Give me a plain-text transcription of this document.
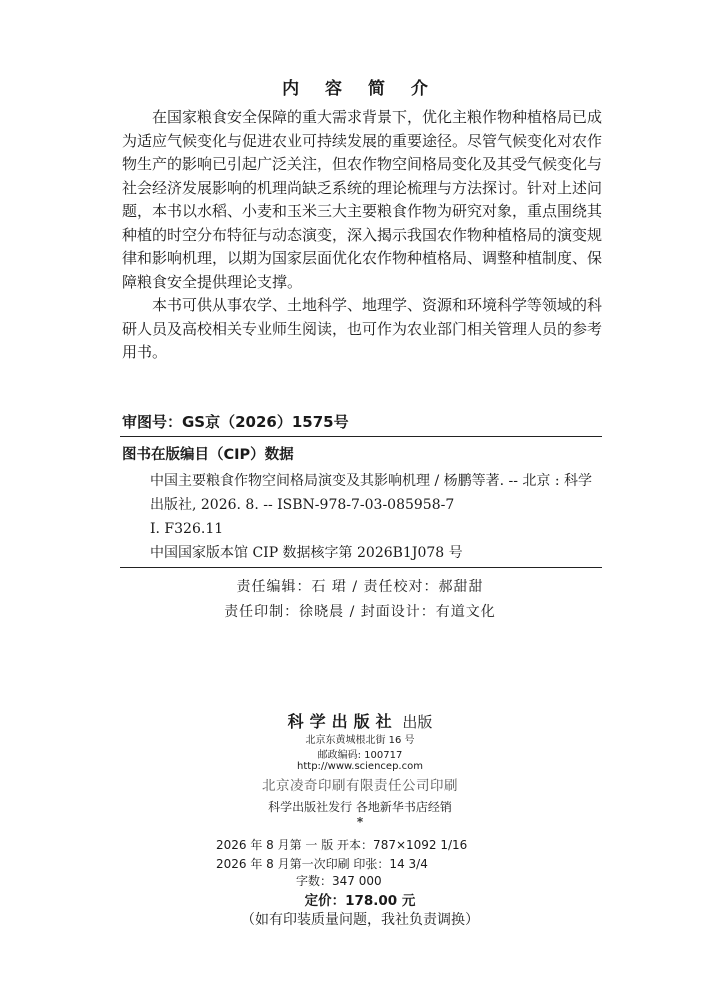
内 容 简 介

在国家粮食安全保障的重大需求背景下，优化主粮作物种植格局已成为适应气候变化与促进农业可持续发展的重要途径。尽管气候变化对农作物生产的影响已引起广泛关注，但农作物空间格局变化及其受气候变化与社会经济发展影响的机理尚缺乏系统的理论梳理与方法探讨。针对上述问题，本书以水稻、小麦和玉米三大主要粮食作物为研究对象，重点围绕其种植的时空分布特征与动态演变，深入揭示我国农作物种植格局的演变规律和影响机理，以期为国家层面优化农作物种植格局、调整种植制度、保障粮食安全提供理论支撑。

本书可供从事农学、土地科学、地理学、资源和环境科学等领域的科研人员及高校相关专业师生阅读，也可作为农业部门相关管理人员的参考用书。

审图号：GS京（2026）1575号
图书在版编目（CIP）数据
中国主要粮食作物空间格局演变及其影响机理 / 杨鹏等著. -- 北京 : 科学出版社, 2026. 8. -- ISBN-978-7-03-085958-7
Ⅰ. F326.11
中国国家版本馆 CIP 数据核字第 2026B1J078 号
责任编辑：石 珺 / 责任校对：郝甜甜
责任印制：徐晓晨 / 封面设计：有道文化
科学出版社 出版
北京东黄城根北街 16 号
邮政编码: 100717
http://www.sciencep.com
北京凌奇印刷有限责任公司印刷
科学出版社发行 各地新华书店经销
*
2026 年 8 月第 一 版 开本：787×1092 1/16
2026 年 8 月第一次印刷 印张：14 3/4
字数：347 000
定价：178.00 元
（如有印装质量问题，我社负责调换）
